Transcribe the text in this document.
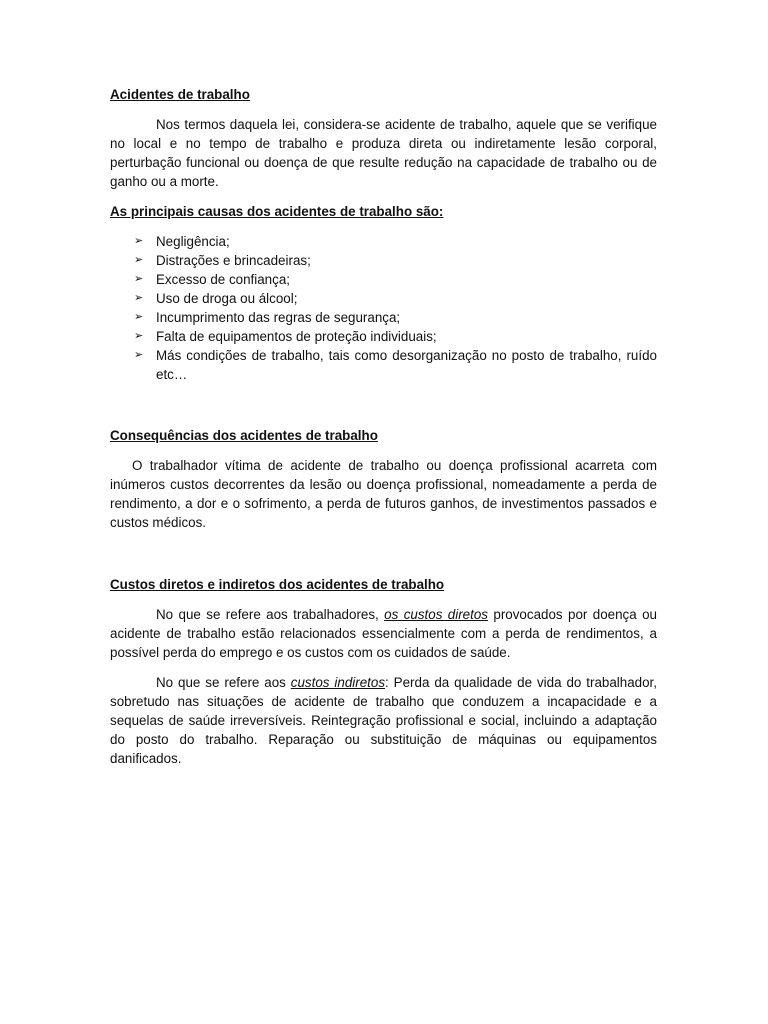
Acidentes de trabalho

Nos termos daquela lei, considera-se acidente de trabalho, aquele que se verifique no local e no tempo de trabalho e produza direta ou indiretamente lesão corporal, perturbação funcional ou doença de que resulte redução na capacidade de trabalho ou de ganho ou a morte.

As principais causas dos acidentes de trabalho são:
➢ Negligência;
➢ Distrações e brincadeiras;
➢ Excesso de confiança;
➢ Uso de droga ou álcool;
➢ Incumprimento das regras de segurança;
➢ Falta de equipamentos de proteção individuais;
➢ Más condições de trabalho, tais como desorganização no posto de trabalho, ruído etc…
Consequências dos acidentes de trabalho

O trabalhador vítima de acidente de trabalho ou doença profissional acarreta com inúmeros custos decorrentes da lesão ou doença profissional, nomeadamente a perda de rendimento, a dor e o sofrimento, a perda de futuros ganhos, de investimentos passados e custos médicos.

Custos diretos e indiretos dos acidentes de trabalho

No que se refere aos trabalhadores, os custos diretos provocados por doença ou acidente de trabalho estão relacionados essencialmente com a perda de rendimentos, a possível perda do emprego e os custos com os cuidados de saúde.

No que se refere aos custos indiretos: Perda da qualidade de vida do trabalhador, sobretudo nas situações de acidente de trabalho que conduzem a incapacidade e a sequelas de saúde irreversíveis. Reintegração profissional e social, incluindo a adaptação do posto do trabalho. Reparação ou substituição de máquinas ou equipamentos danificados.
